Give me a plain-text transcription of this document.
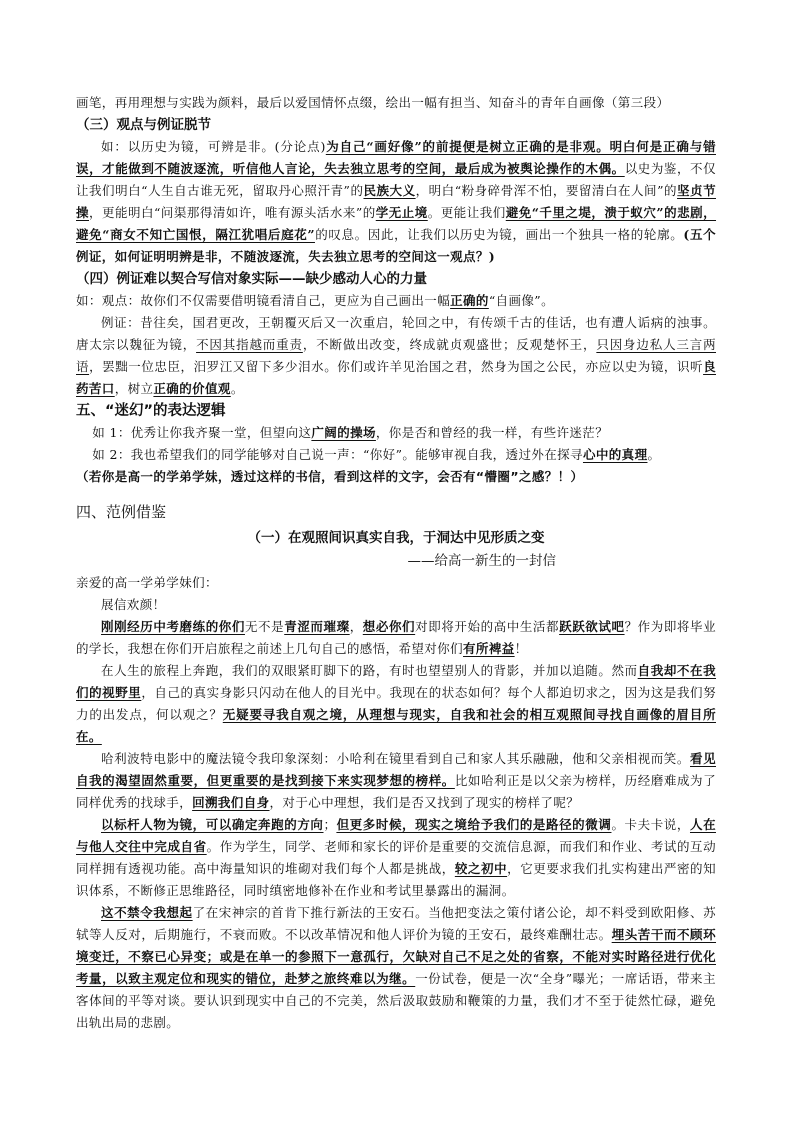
画笔，再用理想与实践为颜料，最后以爱国情怀点缀，绘出一幅有担当、知奋斗的青年自画像（第三段）

（三）观点与例证脱节

如：以历史为镜，可辨是非。(分论点)为自己“画好像”的前提便是树立正确的是非观。明白何是正确与错误，才能做到不随波逐流，听信他人言论，失去独立思考的空间，最后成为被舆论操作的木偶。以史为鉴，不仅让我们明白“人生自古谁无死，留取丹心照汗青”的民族大义，明白“粉身碎骨浑不怕，要留清白在人间”的坚贞节操，更能明白“问渠那得清如许，唯有源头活水来”的学无止境。更能让我们避免“千里之堤，溃于蚁穴”的悲剧，避免“商女不知亡国恨，隔江犹唱后庭花”的叹息。因此，让我们以历史为镜，画出一个独具一格的轮廓。(五个例证，如何证明明辨是非，不随波逐流，失去独立思考的空间这一观点？)

（四）例证难以契合写信对象实际——缺少感动人心的力量

如：观点：故你们不仅需要借明镜看清自己，更应为自己画出一幅正确的“自画像”。

例证：昔往矣，国君更改，王朝覆灭后又一次重启，轮回之中，有传颂千古的佳话，也有遭人诟病的浊事。唐太宗以魏征为镜，不因其指越而重责，不断做出改变，终成就贞观盛世；反观楚怀王，只因身边私人三言两语，罢黜一位忠臣，汨罗江又留下多少泪水。你们或许羊见治国之君，然身为国之公民，亦应以史为镜，识听良药苦口，树立正确的价值观。

五、“迷幻”的表达逻辑

如 1：优秀让你我齐聚一堂，但望向这广阔的操场，你是否和曾经的我一样，有些许迷茫？

如 2：我也希望我们的同学能够对自己说一声：“你好”。能够审视自我，透过外在探寻心中的真理。

（若你是高一的学弟学妹，透过这样的书信，看到这样的文字，会否有“懵圈”之感？！）

四、范例借鉴

（一）在观照间识真实自我，于洞达中见形质之变

——给高一新生的一封信

亲爱的高一学弟学妹们：

展信欢颜！

刚刚经历中考磨练的你们无不是青涩而璀璨，想必你们对即将开始的高中生活都跃跃欲试吧？作为即将毕业的学长，我想在你们开启旅程之前述上几句自己的感悟，希望对你们有所裨益！

在人生的旅程上奔跑，我们的双眼紧盯脚下的路，有时也望望别人的背影，并加以追随。然而自我却不在我们的视野里，自己的真实身影只闪动在他人的目光中。我现在的状态如何？每个人都迫切求之，因为这是我们努力的出发点，何以观之？无疑要寻我自观之境，从理想与现实，自我和社会的相互观照间寻找自画像的眉目所在。

哈利波特电影中的魔法镜令我印象深刻：小哈利在镜里看到自己和家人其乐融融，他和父亲相视而笑。看见自我的渴望固然重要，但更重要的是找到接下来实现梦想的榜样。比如哈利正是以父亲为榜样，历经磨难成为了同样优秀的找球手，回溯我们自身，对于心中理想，我们是否又找到了现实的榜样了呢？

以标杆人物为镜，可以确定奔跑的方向；但更多时候，现实之境给予我们的是路径的微调。卡夫卡说，人在与他人交往中完成自省。作为学生，同学、老师和家长的评价是重要的交流信息源，而我们和作业、考试的互动同样拥有透视功能。高中海量知识的堆砌对我们每个人都是挑战，较之初中，它更要求我们扎实构建出严密的知识体系，不断修正思维路径，同时缜密地修补在作业和考试里暴露出的漏洞。

这不禁令我想起了在宋神宗的首肯下推行新法的王安石。当他把变法之策付诸公论，却不料受到欧阳修、苏轼等人反对，后期施行，不衰而败。不以改革情况和他人评价为镜的王安石，最终难酬壮志。埋头苦干而不顾环境变迁，不察已心异变；或是在单一的参照下一意孤行，欠缺对自己不足之处的省察，不能对实时路径进行优化考量，以致主观定位和现实的错位，赴梦之旅终难以为继。一份试卷，便是一次“全身”曝光；一席话语，带来主客体间的平等对谈。要认识到现实中自己的不完美，然后汲取鼓励和鞭策的力量，我们才不至于徒然忙碌，避免出轨出局的悲剧。
